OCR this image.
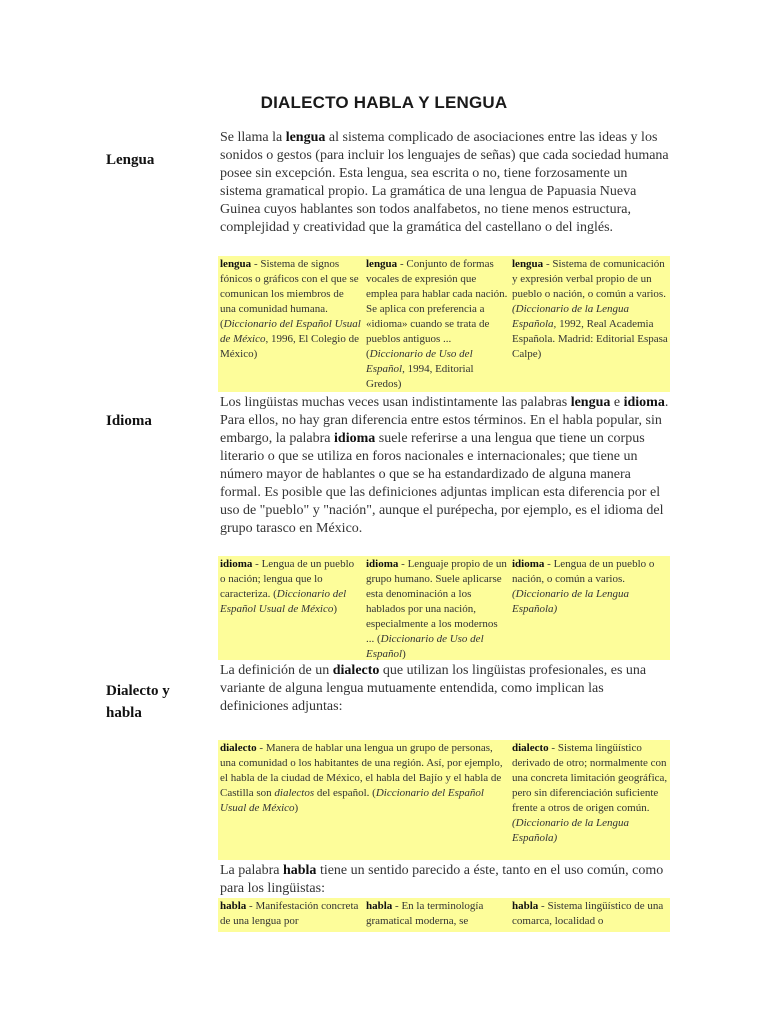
DIALECTO HABLA Y LENGUA
Lengua
Se llama la lengua al sistema complicado de asociaciones entre las ideas y los sonidos o gestos (para incluir los lenguajes de señas) que cada sociedad humana posee sin excepción. Esta lengua, sea escrita o no, tiene forzosamente un sistema gramatical propio. La gramática de una lengua de Papuasia Nueva Guinea cuyos hablantes son todos analfabetos, no tiene menos estructura, complejidad y creatividad que la gramática del castellano o del inglés.
lengua - Sistema de signos fónicos o gráficos con el que se comunican los miembros de una comunidad humana. (Diccionario del Español Usual de México, 1996, El Colegio de México)
lengua - Conjunto de formas vocales de expresión que emplea para hablar cada nación. Se aplica con preferencia a «idioma» cuando se trata de pueblos antiguos ... (Diccionario de Uso del Español, 1994, Editorial Gredos)
lengua - Sistema de comunicación y expresión verbal propio de un pueblo o nación, o común a varios. (Diccionario de la Lengua Española, 1992, Real Academia Española. Madrid: Editorial Espasa Calpe)
Idioma
Los lingüistas muchas veces usan indistintamente las palabras lengua e idioma. Para ellos, no hay gran diferencia entre estos términos. En el habla popular, sin embargo, la palabra idioma suele referirse a una lengua que tiene un corpus literario o que se utiliza en foros nacionales e internacionales; que tiene un número mayor de hablantes o que se ha estandardizado de alguna manera formal. Es posible que las definiciones adjuntas implican esta diferencia por el uso de "pueblo" y "nación", aunque el purépecha, por ejemplo, es el idioma del grupo tarasco en México.
idioma - Lengua de un pueblo o nación; lengua que lo caracteriza. (Diccionario del Español Usual de México)
idioma - Lenguaje propio de un grupo humano. Suele aplicarse esta denominación a los hablados por una nación, especialmente a los modernos ... (Diccionario de Uso del Español)
idioma - Lengua de un pueblo o nación, o común a varios. (Diccionario de la Lengua Española)
Dialecto y
habla
La definición de un dialecto que utilizan los lingüistas profesionales, es una variante de alguna lengua mutuamente entendida, como implican las definiciones adjuntas:
dialecto - Manera de hablar una lengua un grupo de personas, una comunidad o los habitantes de una región. Así, por ejemplo, el habla de la ciudad de México, el habla del Bajío y el habla de Castilla son dialectos del español. (Diccionario del Español Usual de México)
dialecto - Sistema lingüístico derivado de otro; normalmente con una concreta limitación geográfica, pero sin diferenciación suficiente frente a otros de origen común. (Diccionario de la Lengua Española)
La palabra habla tiene un sentido parecido a éste, tanto en el uso común, como para los lingüistas:
habla - Manifestación concreta de una lengua por
habla - En la terminología gramatical moderna, se
habla - Sistema lingüístico de una comarca, localidad o
